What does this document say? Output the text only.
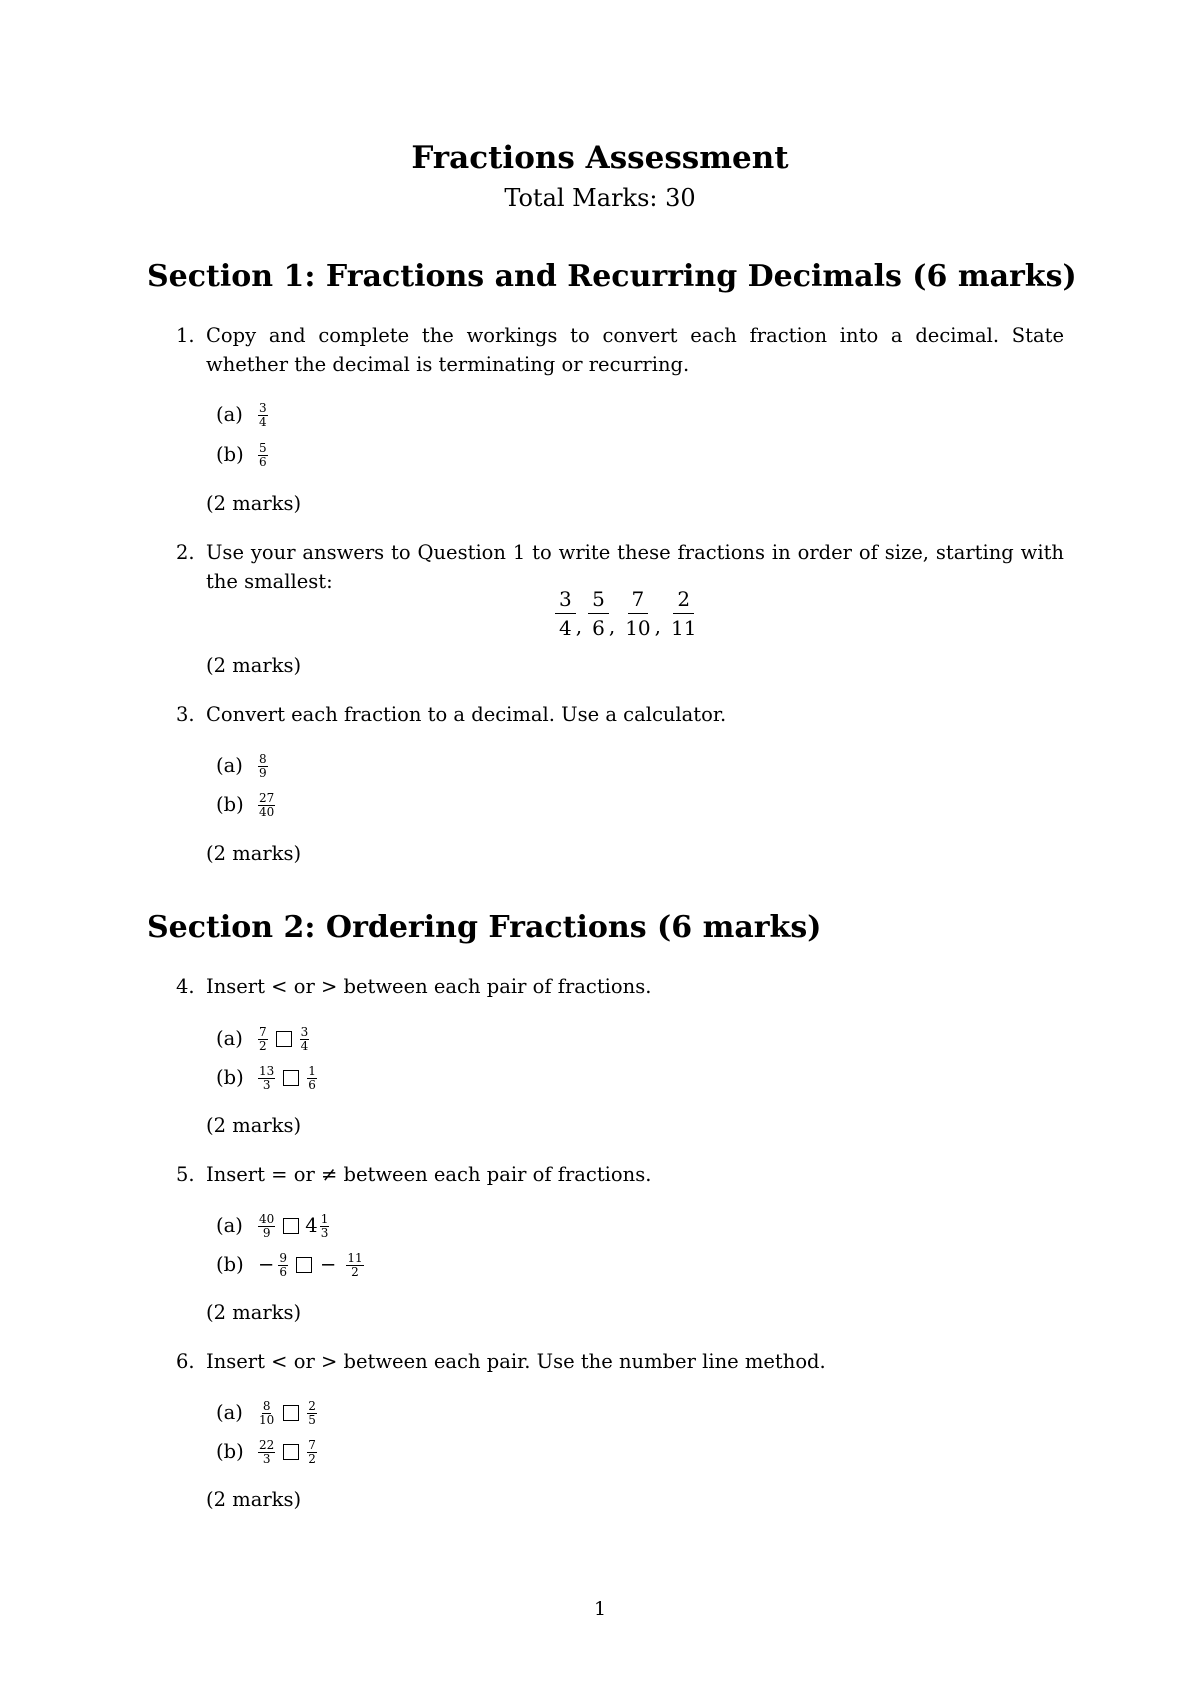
Fractions Assessment
Total Marks: 30
Section 1: Fractions and Recurring Decimals (6 marks)
1. Copy and complete the workings to convert each fraction into a decimal. State whether the decimal is terminating or recurring.
(a)	$\frac{3}{4}$
(b)	$\frac{5}{6}$
(2 marks)
2. Use your answers to Question 1 to write these fractions in order of size, starting with the smallest:
$\frac{3}{4}$ , $\frac{5}{6}$ , $\frac{7}{10}$ , $\frac{2}{11}$
(2 marks)
3. Convert each fraction to a decimal. Use a calculator.
(a)	$\frac{8}{9}$
(b)	$\frac{27}{40}$
(2 marks)
Section 2: Ordering Fractions (6 marks)
4. Insert < or > between each pair of fractions.
(a)	$\frac{7}{2}$	$\frac{3}{4}$
(b)	$\frac{13}{3}$	$\frac{1}{6}$
(2 marks)
5. Insert = or ≠ between each pair of fractions.
(a)	$\frac{40}{9} 4 \frac{1}{3}$
$(b) - \frac{9}{6} - \frac{11}{2}$
(2 marks)
6. Insert < or > between each pair. Use the number line method.
(a)	$\frac{8}{10}$	$\frac{2}{5}$
(b)	$\frac{22}{3}$	$\frac{7}{2}$
(2 marks)
1
